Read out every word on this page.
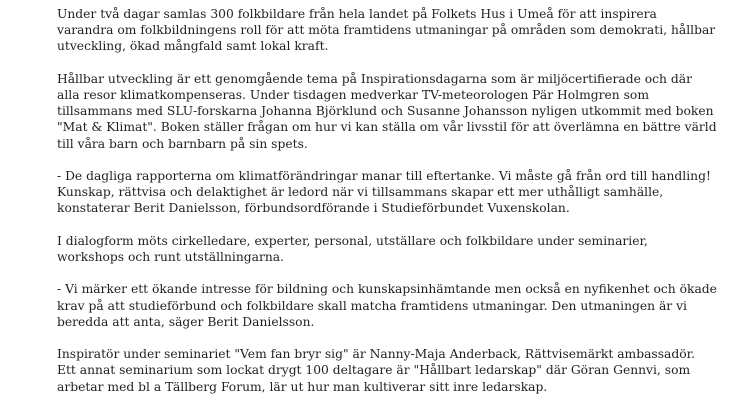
Under två dagar samlas 300 folkbildare från hela landet på Folkets Hus i Umeå för att inspirera varandra om folkbildningens roll för att möta framtidens utmaningar på områden som demokrati, hållbar utveckling, ökad mångfald samt lokal kraft.

Hållbar utveckling är ett genomgående tema på Inspirationsdagarna som är miljöcertifierade och där alla resor klimatkompenseras. Under tisdagen medverkar TV-meteorologen Pär Holmgren som tillsammans med SLU-forskarna Johanna Björklund och Susanne Johansson nyligen utkommit med boken "Mat & Klimat". Boken ställer frågan om hur vi kan ställa om vår livsstil för att överlämna en bättre värld till våra barn och barnbarn på sin spets.

- De dagliga rapporterna om klimatförändringar manar till eftertanke. Vi måste gå från ord till handling! Kunskap, rättvisa och delaktighet är ledord när vi tillsammans skapar ett mer uthålligt samhälle, konstaterar Berit Danielsson, förbundsordförande i Studieförbundet Vuxenskolan.

I dialogform möts cirkelledare, experter, personal, utställare och folkbildare under seminarier, workshops och runt utställningarna.

- Vi märker ett ökande intresse för bildning och kunskapsinhämtande men också en nyfikenhet och ökade krav på att studieförbund och folkbildare skall matcha framtidens utmaningar. Den utmaningen är vi beredda att anta, säger Berit Danielsson.

Inspiratör under seminariet "Vem fan bryr sig" är Nanny-Maja Anderback, Rättvisemärkt ambassadör. Ett annat seminarium som lockat drygt 100 deltagare är "Hållbart ledarskap" där Göran Gennvi, som arbetar med bl a Tällberg Forum, lär ut hur man kultiverar sitt inre ledarskap.
